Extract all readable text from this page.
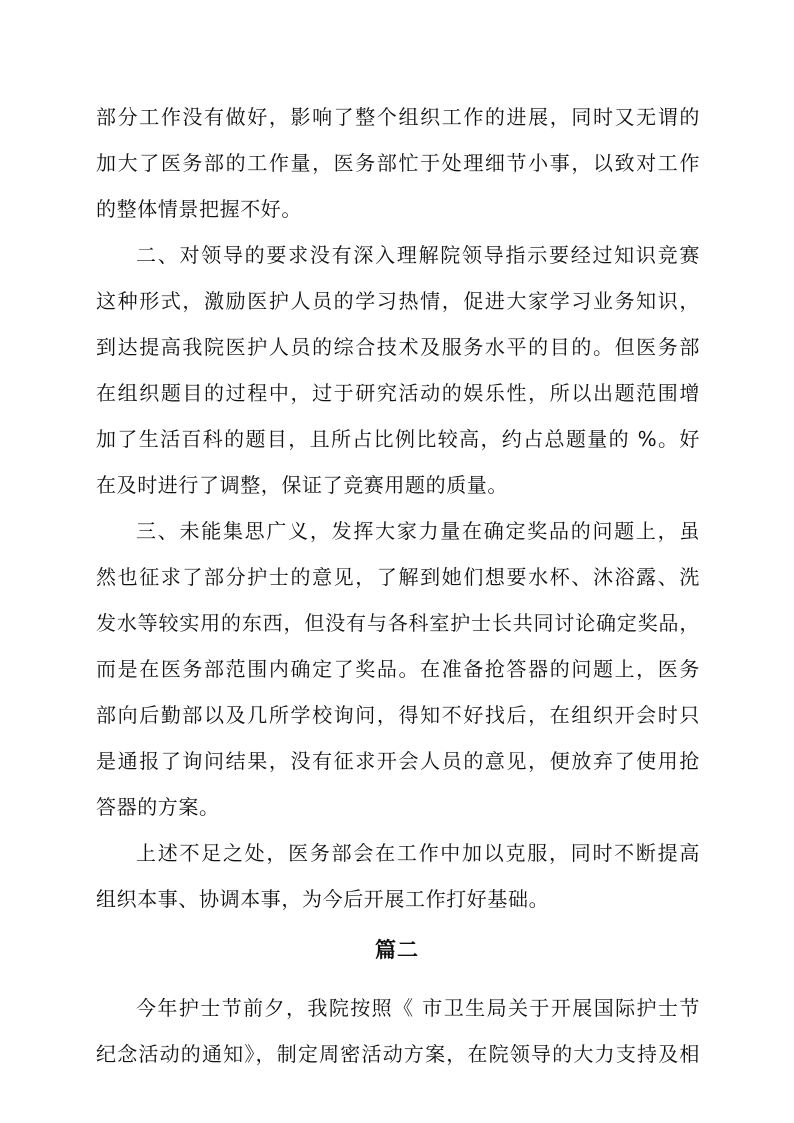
部分工作没有做好，影响了整个组织工作的进展，同时又无谓的
加大了医务部的工作量，医务部忙于处理细节小事，以致对工作
的整体情景把握不好。
二、对领导的要求没有深入理解院领导指示要经过知识竞赛
这种形式，激励医护人员的学习热情，促进大家学习业务知识，
到达提高我院医护人员的综合技术及服务水平的目的。但医务部
在组织题目的过程中，过于研究活动的娱乐性，所以出题范围增
加了生活百科的题目，且所占比例比较高，约占总题量的 %。好
在及时进行了调整，保证了竞赛用题的质量。
三、未能集思广义，发挥大家力量在确定奖品的问题上，虽
然也征求了部分护士的意见，了解到她们想要水杯、沐浴露、洗
发水等较实用的东西，但没有与各科室护士长共同讨论确定奖品，
而是在医务部范围内确定了奖品。在准备抢答器的问题上，医务
部向后勤部以及几所学校询问，得知不好找后，在组织开会时只
是通报了询问结果，没有征求开会人员的意见，便放弃了使用抢
答器的方案。
上述不足之处，医务部会在工作中加以克服，同时不断提高
组织本事、协调本事，为今后开展工作打好基础。
篇二
今年护士节前夕，我院按照《 市卫生局关于开展国际护士节
纪念活动的通知》，制定周密活动方案，在院领导的大力支持及相
